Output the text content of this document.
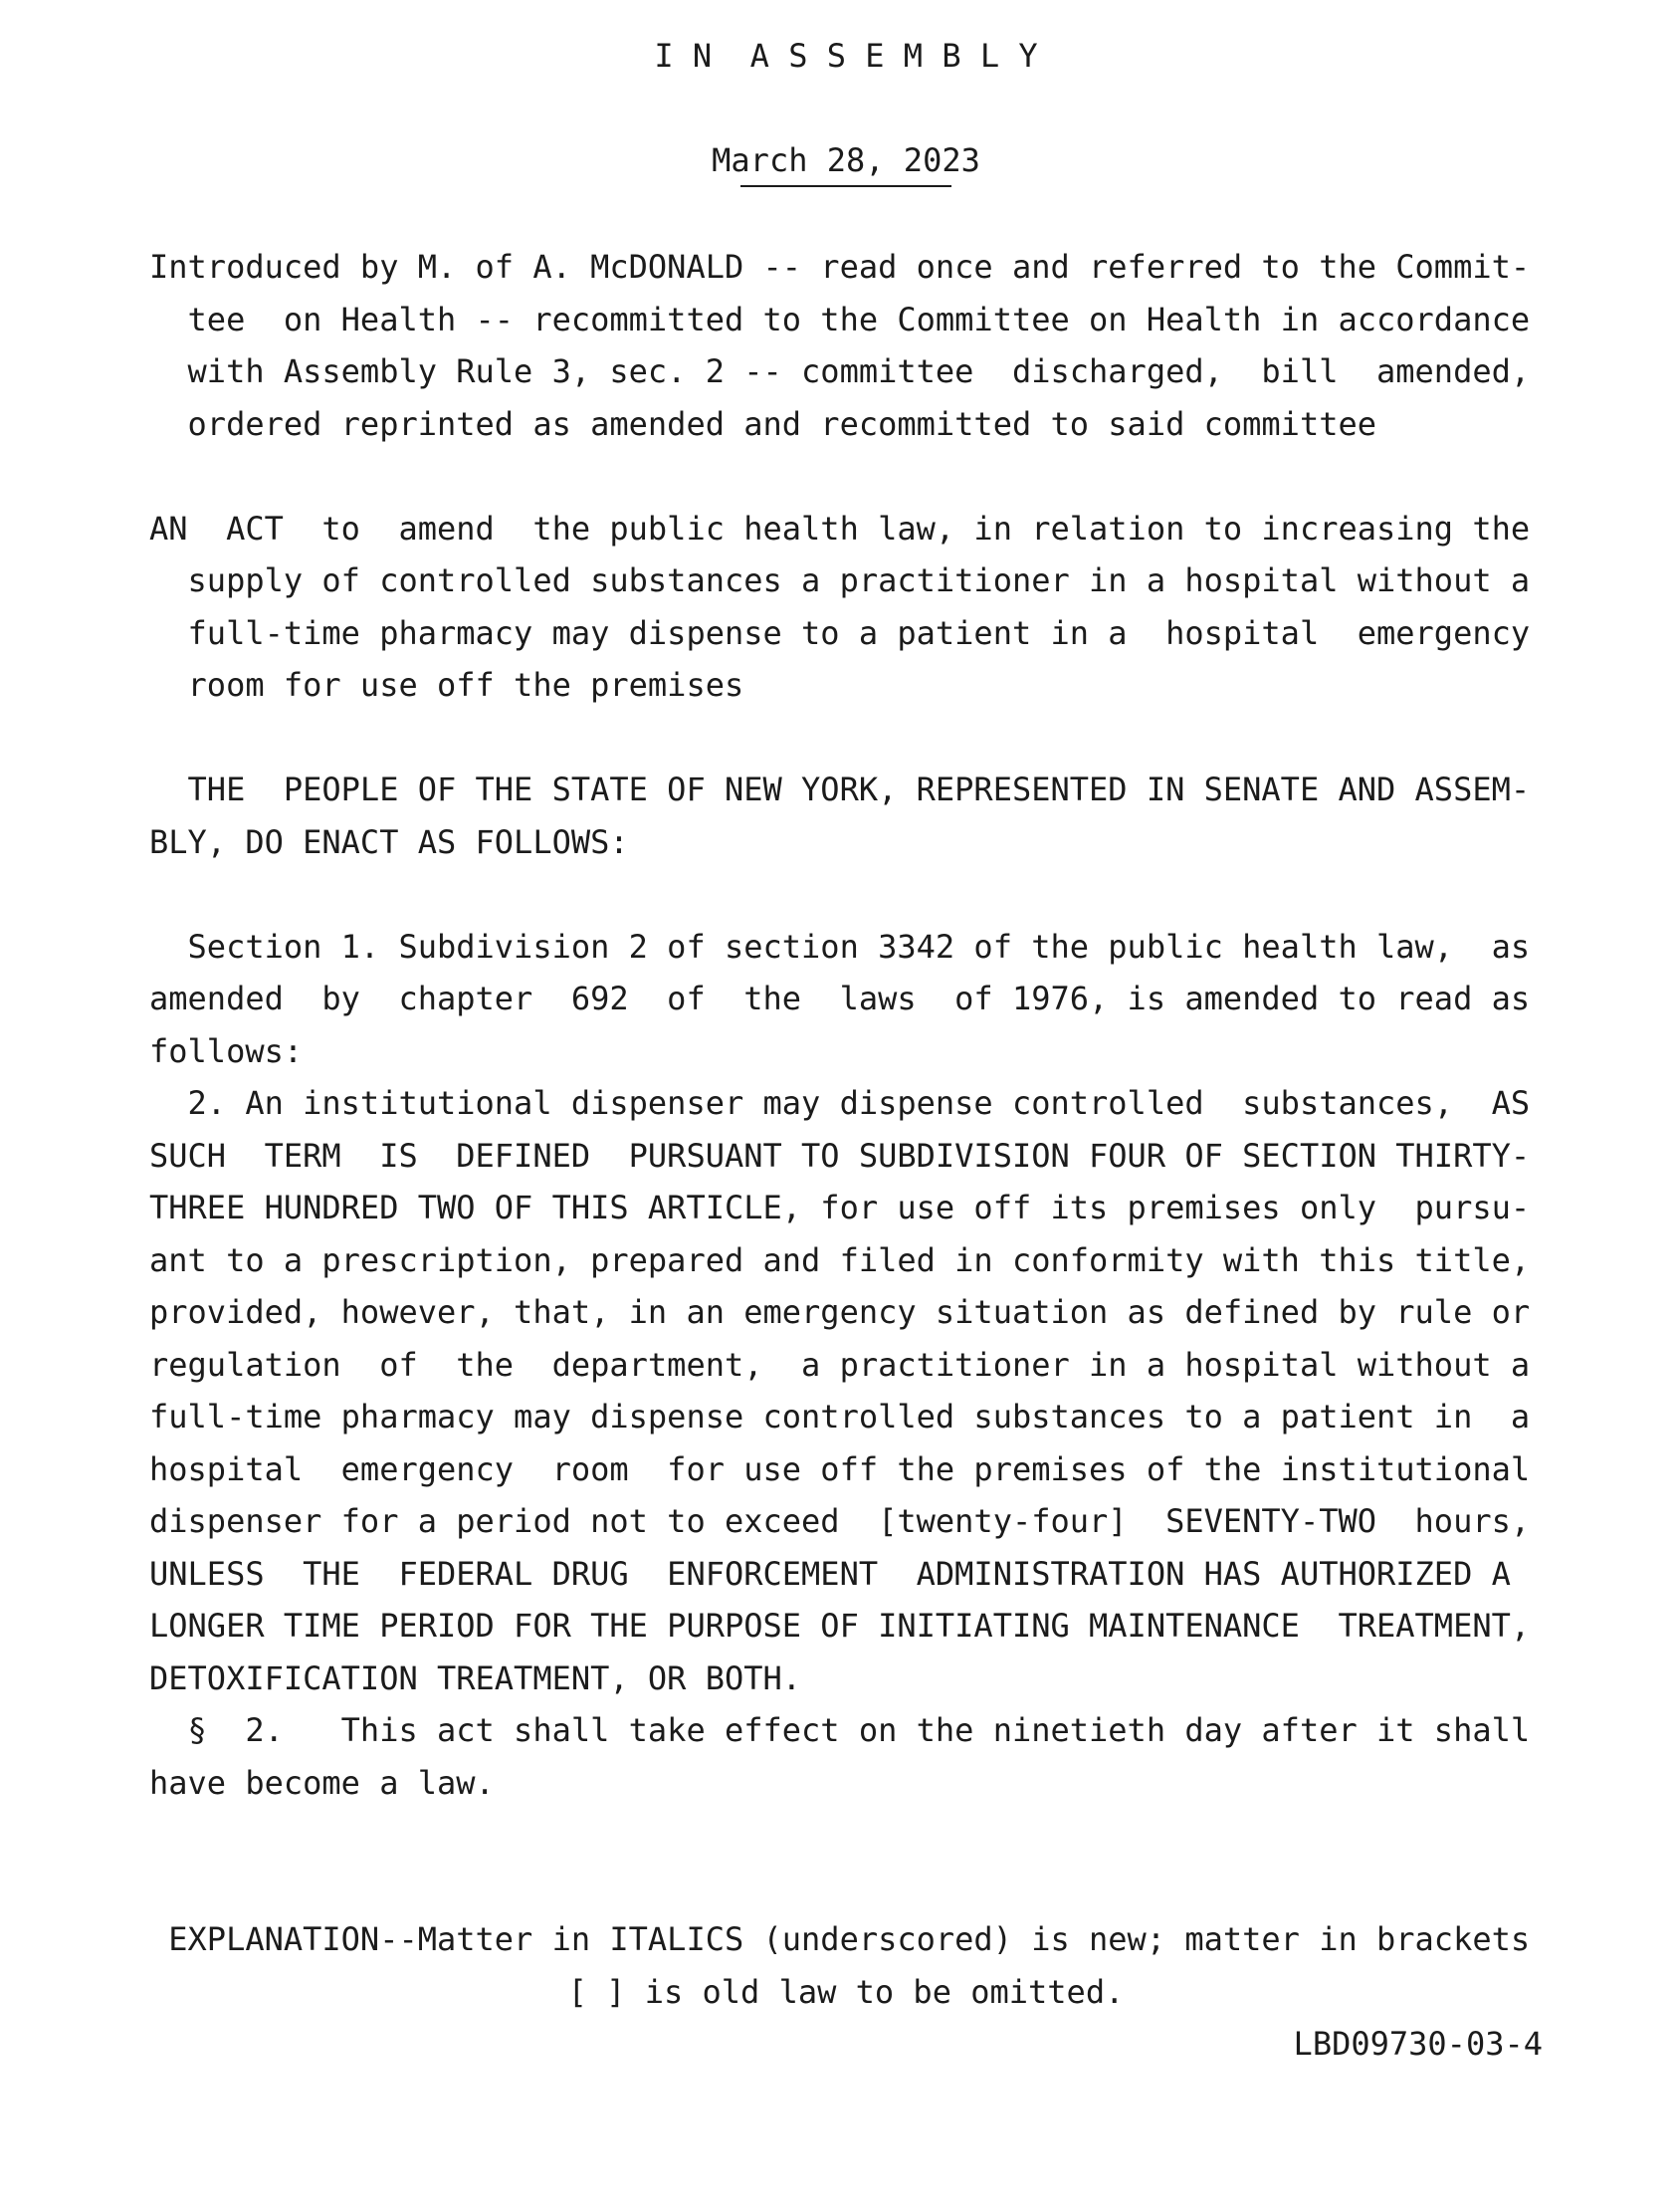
I N  A S S E M B L Y
March 28, 2023
Introduced by M. of A. McDONALD -- read once and referred to the Commit-
tee  on Health -- recommitted to the Committee on Health in accordance
with Assembly Rule 3, sec. 2 -- committee  discharged,  bill  amended,
ordered reprinted as amended and recommitted to said committee
AN  ACT  to  amend  the public health law, in relation to increasing the
supply of controlled substances a practitioner in a hospital without a
full-time pharmacy may dispense to a patient in a  hospital  emergency
room for use off the premises
THE  PEOPLE OF THE STATE OF NEW YORK, REPRESENTED IN SENATE AND ASSEM-
BLY, DO ENACT AS FOLLOWS:
Section 1. Subdivision 2 of section 3342 of the public health law,  as
amended  by  chapter  692  of  the  laws  of 1976, is amended to read as
follows:
2. An institutional dispenser may dispense controlled  substances,  AS
SUCH  TERM  IS  DEFINED  PURSUANT TO SUBDIVISION FOUR OF SECTION THIRTY-
THREE HUNDRED TWO OF THIS ARTICLE, for use off its premises only  pursu-
ant to a prescription, prepared and filed in conformity with this title,
provided, however, that, in an emergency situation as defined by rule or
regulation  of  the  department,  a practitioner in a hospital without a
full-time pharmacy may dispense controlled substances to a patient in  a
hospital  emergency  room  for use off the premises of the institutional
dispenser for a period not to exceed  [twenty-four]  SEVENTY-TWO  hours,
UNLESS  THE  FEDERAL DRUG  ENFORCEMENT  ADMINISTRATION HAS AUTHORIZED A
LONGER TIME PERIOD FOR THE PURPOSE OF INITIATING MAINTENANCE  TREATMENT,
DETOXIFICATION TREATMENT, OR BOTH.
§  2.   This act shall take effect on the ninetieth day after it shall
have become a law.
EXPLANATION--Matter in ITALICS (underscored) is new; matter in brackets
[ ] is old law to be omitted.
LBD09730-03-4
